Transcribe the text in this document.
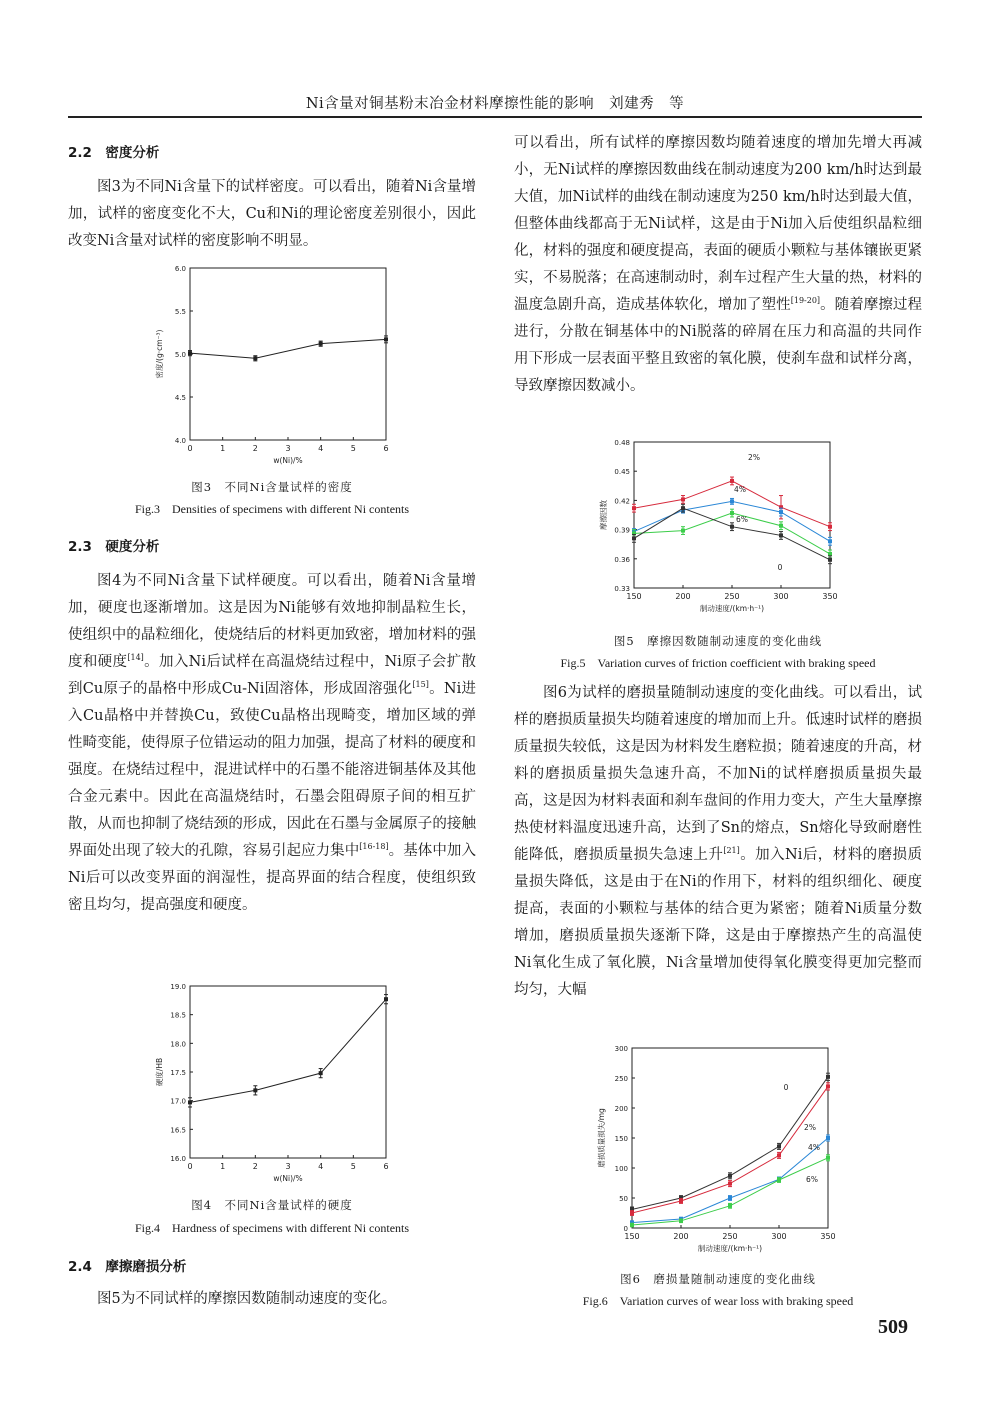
Ni含量对铜基粉末冶金材料摩擦性能的影响　刘建秀　等
2.2　密度分析

图3为不同Ni含量下的试样密度。可以看出，随着Ni含量增加，试样的密度变化不大，Cu和Ni的理论密度差别很小，因此改变Ni含量对试样的密度影响不明显。

0	1	2	3	4	5	6
4.0
4.5
5.0
5.5
6.0
w(Ni)/%
密度/(g·cm⁻³)
图3　不同Ni含量试样的密度
Fig.3　Densities of specimens with different Ni contents
2.3　硬度分析

图4为不同Ni含量下试样硬度。可以看出，随着Ni含量增加，硬度也逐渐增加。这是因为Ni能够有效地抑制晶粒生长，使组织中的晶粒细化，使烧结后的材料更加致密，增加材料的强度和硬度[14]。加入Ni后试样在高温烧结过程中，Ni原子会扩散到Cu原子的晶格中形成Cu-Ni固溶体，形成固溶强化[15]。Ni进入Cu晶格中并替换Cu，致使Cu晶格出现畸变，增加区域的弹性畸变能，使得原子位错运动的阻力加强，提高了材料的硬度和强度。在烧结过程中，混进试样中的石墨不能溶进铜基体及其他合金元素中。因此在高温烧结时，石墨会阻碍原子间的相互扩散，从而也抑制了烧结颈的形成，因此在石墨与金属原子的接触界面处出现了较大的孔隙，容易引起应力集中[16-18]。基体中加入Ni后可以改变界面的润湿性，提高界面的结合程度，使组织致密且均匀，提高强度和硬度。

0	1	2	3	4	5	6
16.0
16.5
17.0
17.5
18.0
18.5
19.0
w(Ni)/%
硬度/HB
图4　不同Ni含量试样的硬度
Fig.4　Hardness of specimens with different Ni contents
2.4　摩擦磨损分析

图5为不同试样的摩擦因数随制动速度的变化。

可以看出，所有试样的摩擦因数均随着速度的增加先增大再减小，无Ni试样的摩擦因数曲线在制动速度为200 km/h时达到最大值，加Ni试样的曲线在制动速度为250 km/h时达到最大值，但整体曲线都高于无Ni试样，这是由于Ni加入后使组织晶粒细化，材料的强度和硬度提高，表面的硬质小颗粒与基体镶嵌更紧实，不易脱落；在高速制动时，刹车过程产生大量的热，材料的温度急剧升高，造成基体软化，增加了塑性[19-20]。随着摩擦过程进行，分散在铜基体中的Ni脱落的碎屑在压力和高温的共同作用下形成一层表面平整且致密的氧化膜，使刹车盘和试样分离，导致摩擦因数减小。

150	200	250	300	350
0.33
0.36
0.39
0.42
0.45
0.48
制动速度/(km·h⁻¹)
摩擦因数
2%
4%
6%
0
图5　摩擦因数随制动速度的变化曲线
Fig.5　Variation curves of friction coefficient with braking speed

图6为试样的磨损量随制动速度的变化曲线。可以看出，试样的磨损质量损失均随着速度的增加而上升。低速时试样的磨损质量损失较低，这是因为材料发生磨粒损；随着速度的升高，材料的磨损质量损失急速升高，不加Ni的试样磨损质量损失最高，这是因为材料表面和刹车盘间的作用力变大，产生大量摩擦热使材料温度迅速升高，达到了Sn的熔点，Sn熔化导致耐磨性能降低，磨损质量损失急速上升[21]。加入Ni后，材料的磨损质量损失降低，这是由于在Ni的作用下，材料的组织细化、硬度提高，表面的小颗粒与基体的结合更为紧密；随着Ni质量分数增加，磨损质量损失逐渐下降，这是由于摩擦热产生的高温使Ni氧化生成了氧化膜，Ni含量增加使得氧化膜变得更加完整而均匀，大幅

150	200	250	300	350
0
50
100
150
200
250
300
制动速度/(km·h⁻¹)
磨损质量损失/mg
0
2%
4%
6%
图6　磨损量随制动速度的变化曲线
Fig.6　Variation curves of wear loss with braking speed
509
